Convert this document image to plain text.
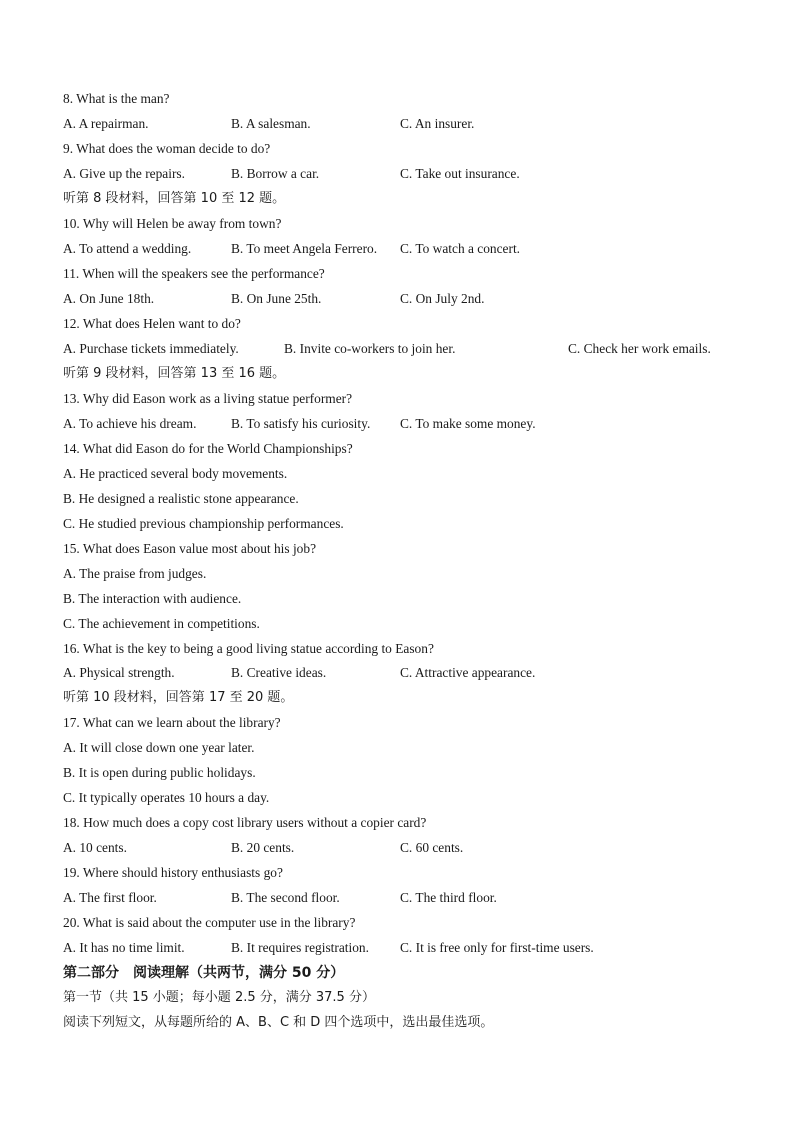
8. What is the man?
A. A repairman.	B. A salesman.	C. An insurer.
9. What does the woman decide to do?
A. Give up the repairs.	B. Borrow a car.	C. Take out insurance.
听第 8 段材料，回答第 10 至 12 题。
10. Why will Helen be away from town?
A. To attend a wedding.	B. To meet Angela Ferrero. C. To watch a concert.
11. When will the speakers see the performance?
A. On June 18th.	B. On June 25th.	C. On July 2nd.
12. What does Helen want to do?
A. Purchase tickets immediately.	B. Invite co-workers to join her.	C. Check her work emails.
听第 9 段材料，回答第 13 至 16 题。
13. Why did Eason work as a living statue performer?
A. To achieve his dream.	B. To satisfy his curiosity. C. To make some money.
14. What did Eason do for the World Championships?
A. He practiced several body movements.
B. He designed a realistic stone appearance.
C. He studied previous championship performances.
15. What does Eason value most about his job?
A. The praise from judges.
B. The interaction with audience.
C. The achievement in competitions.
16. What is the key to being a good living statue according to Eason?
A. Physical strength.	B. Creative ideas.	C. Attractive appearance.
听第 10 段材料，回答第 17 至 20 题。
17. What can we learn about the library?
A. It will close down one year later.
B. It is open during public holidays.
C. It typically operates 10 hours a day.
18. How much does a copy cost library users without a copier card?
A. 10 cents.	B. 20 cents.	C. 60 cents.
19. Where should history enthusiasts go?
A. The first floor.	B. The second floor.	C. The third floor.
20. What is said about the computer use in the library?
A. It has no time limit.	B. It requires registration. C. It is free only for first-time users.
第二部分　阅读理解（共两节，满分 50 分）
第一节（共 15 小题；每小题 2.5 分，满分 37.5 分）
阅读下列短文，从每题所给的 A、B、C 和 D 四个选项中，选出最佳选项。
